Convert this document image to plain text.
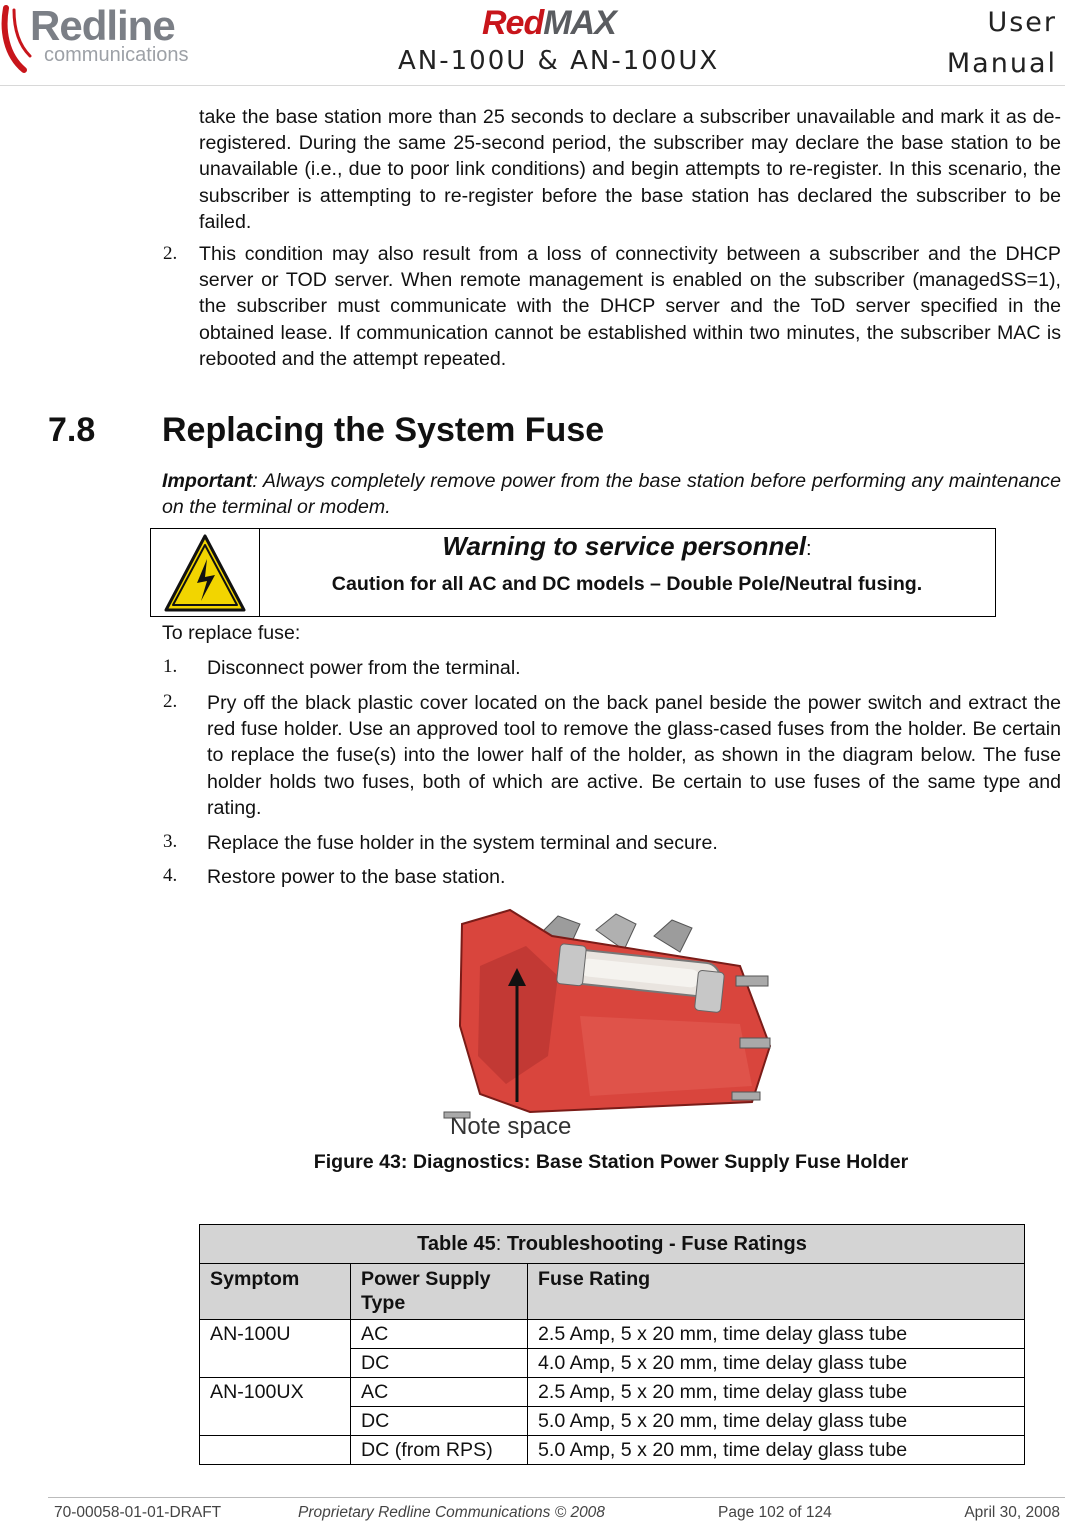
Redline
communications
RedMAX
AN-100U & AN-100UX
User
Manual
take the base station more than 25 seconds to declare a subscriber unavailable and mark it as de-registered. During the same 25-second period, the subscriber may declare the base station to be unavailable (i.e., due to poor link conditions) and begin attempts to re-register. In this scenario, the subscriber is attempting to re-register before the base station has declared the subscriber to be failed.
2. This condition may also result from a loss of connectivity between a subscriber and the DHCP server or TOD server. When remote management is enabled on the subscriber (managedSS=1), the subscriber must communicate with the DHCP server and the ToD server specified in the obtained lease. If communication cannot be established within two minutes, the subscriber MAC is rebooted and the attempt repeated.
7.8 Replacing the System Fuse
Important: Always completely remove power from the base station before performing any maintenance on the terminal or modem.
Warning to service personnel:
Caution for all AC and DC models – Double Pole/Neutral fusing.
To replace fuse:
1. Disconnect power from the terminal.
2. Pry off the black plastic cover located on the back panel beside the power switch and extract the red fuse holder. Use an approved tool to remove the glass-cased fuses from the holder. Be certain to replace the fuse(s) into the lower half of the holder, as shown in the diagram below. The fuse holder holds two fuses, both of which are active. Be certain to use fuses of the same type and rating.
3. Replace the fuse holder in the system terminal and secure.
4. Restore power to the base station.
Note space
Figure 43: Diagnostics: Base Station Power Supply Fuse Holder
Table 45: Troubleshooting - Fuse Ratings		
Symptom	Power Supply Type	Fuse Rating
AN-100U	AC	2.5 Amp, 5 x 20 mm, time delay glass tube
	DC	4.0 Amp, 5 x 20 mm, time delay glass tube
AN-100UX	AC	2.5 Amp, 5 x 20 mm, time delay glass tube
	DC	5.0 Amp, 5 x 20 mm, time delay glass tube
	DC (from RPS)	5.0 Amp, 5 x 20 mm, time delay glass tube
70-00058-01-01-DRAFT	Proprietary Redline Communications © 2008	Page 102 of 124	April 30, 2008
